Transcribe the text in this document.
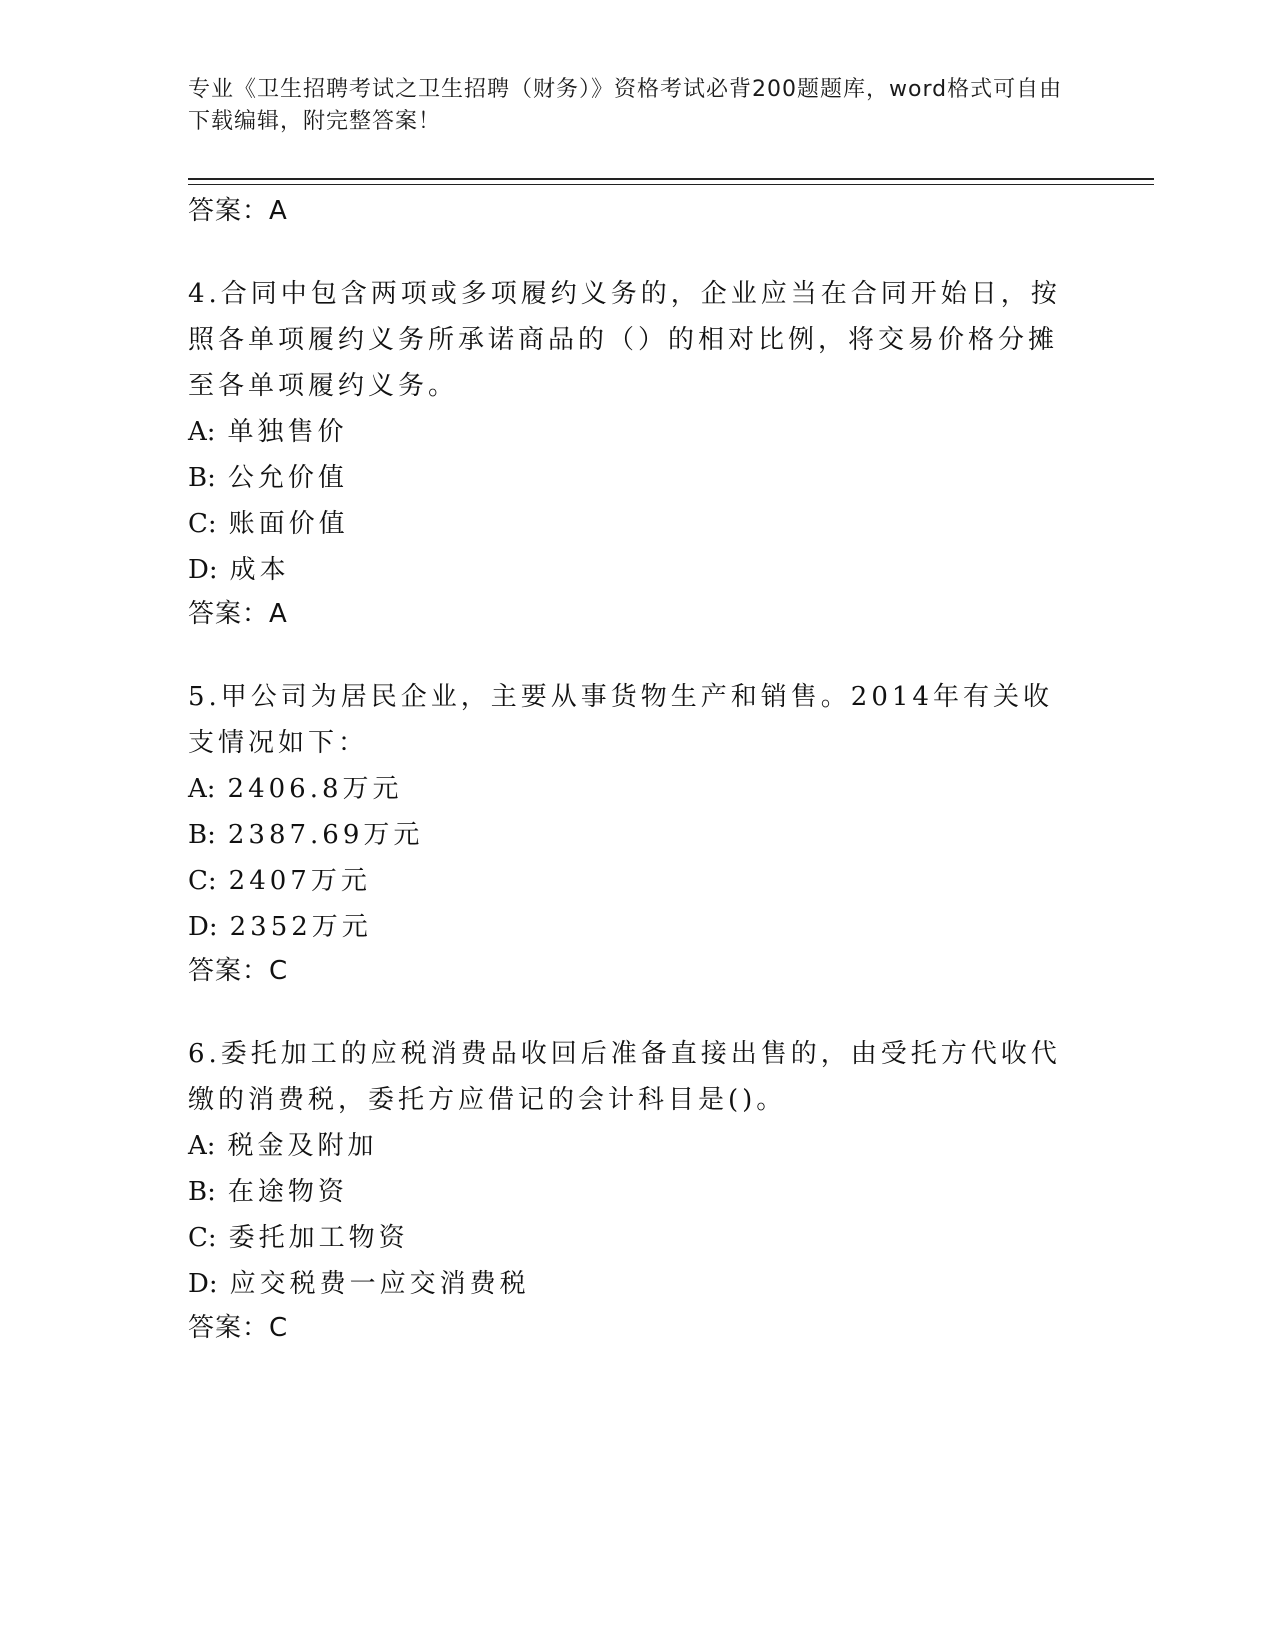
专业《卫生招聘考试之卫生招聘（财务）》资格考试必背200题题库，word格式可自由下载编辑，附完整答案！

答案：A

4.合同中包含两项或多项履约义务的，企业应当在合同开始日，按照各单项履约义务所承诺商品的（）的相对比例，将交易价格分摊至各单项履约义务。

A: 单独售价

B: 公允价值

C: 账面价值

D: 成本

答案：A

5.甲公司为居民企业，主要从事货物生产和销售。2014年有关收支情况如下：

A: 2406.8万元

B: 2387.69万元

C: 2407万元

D: 2352万元

答案：C

6.委托加工的应税消费品收回后准备直接出售的，由受托方代收代缴的消费税，委托方应借记的会计科目是()。

A: 税金及附加

B: 在途物资

C: 委托加工物资

D: 应交税费一应交消费税

答案：C
